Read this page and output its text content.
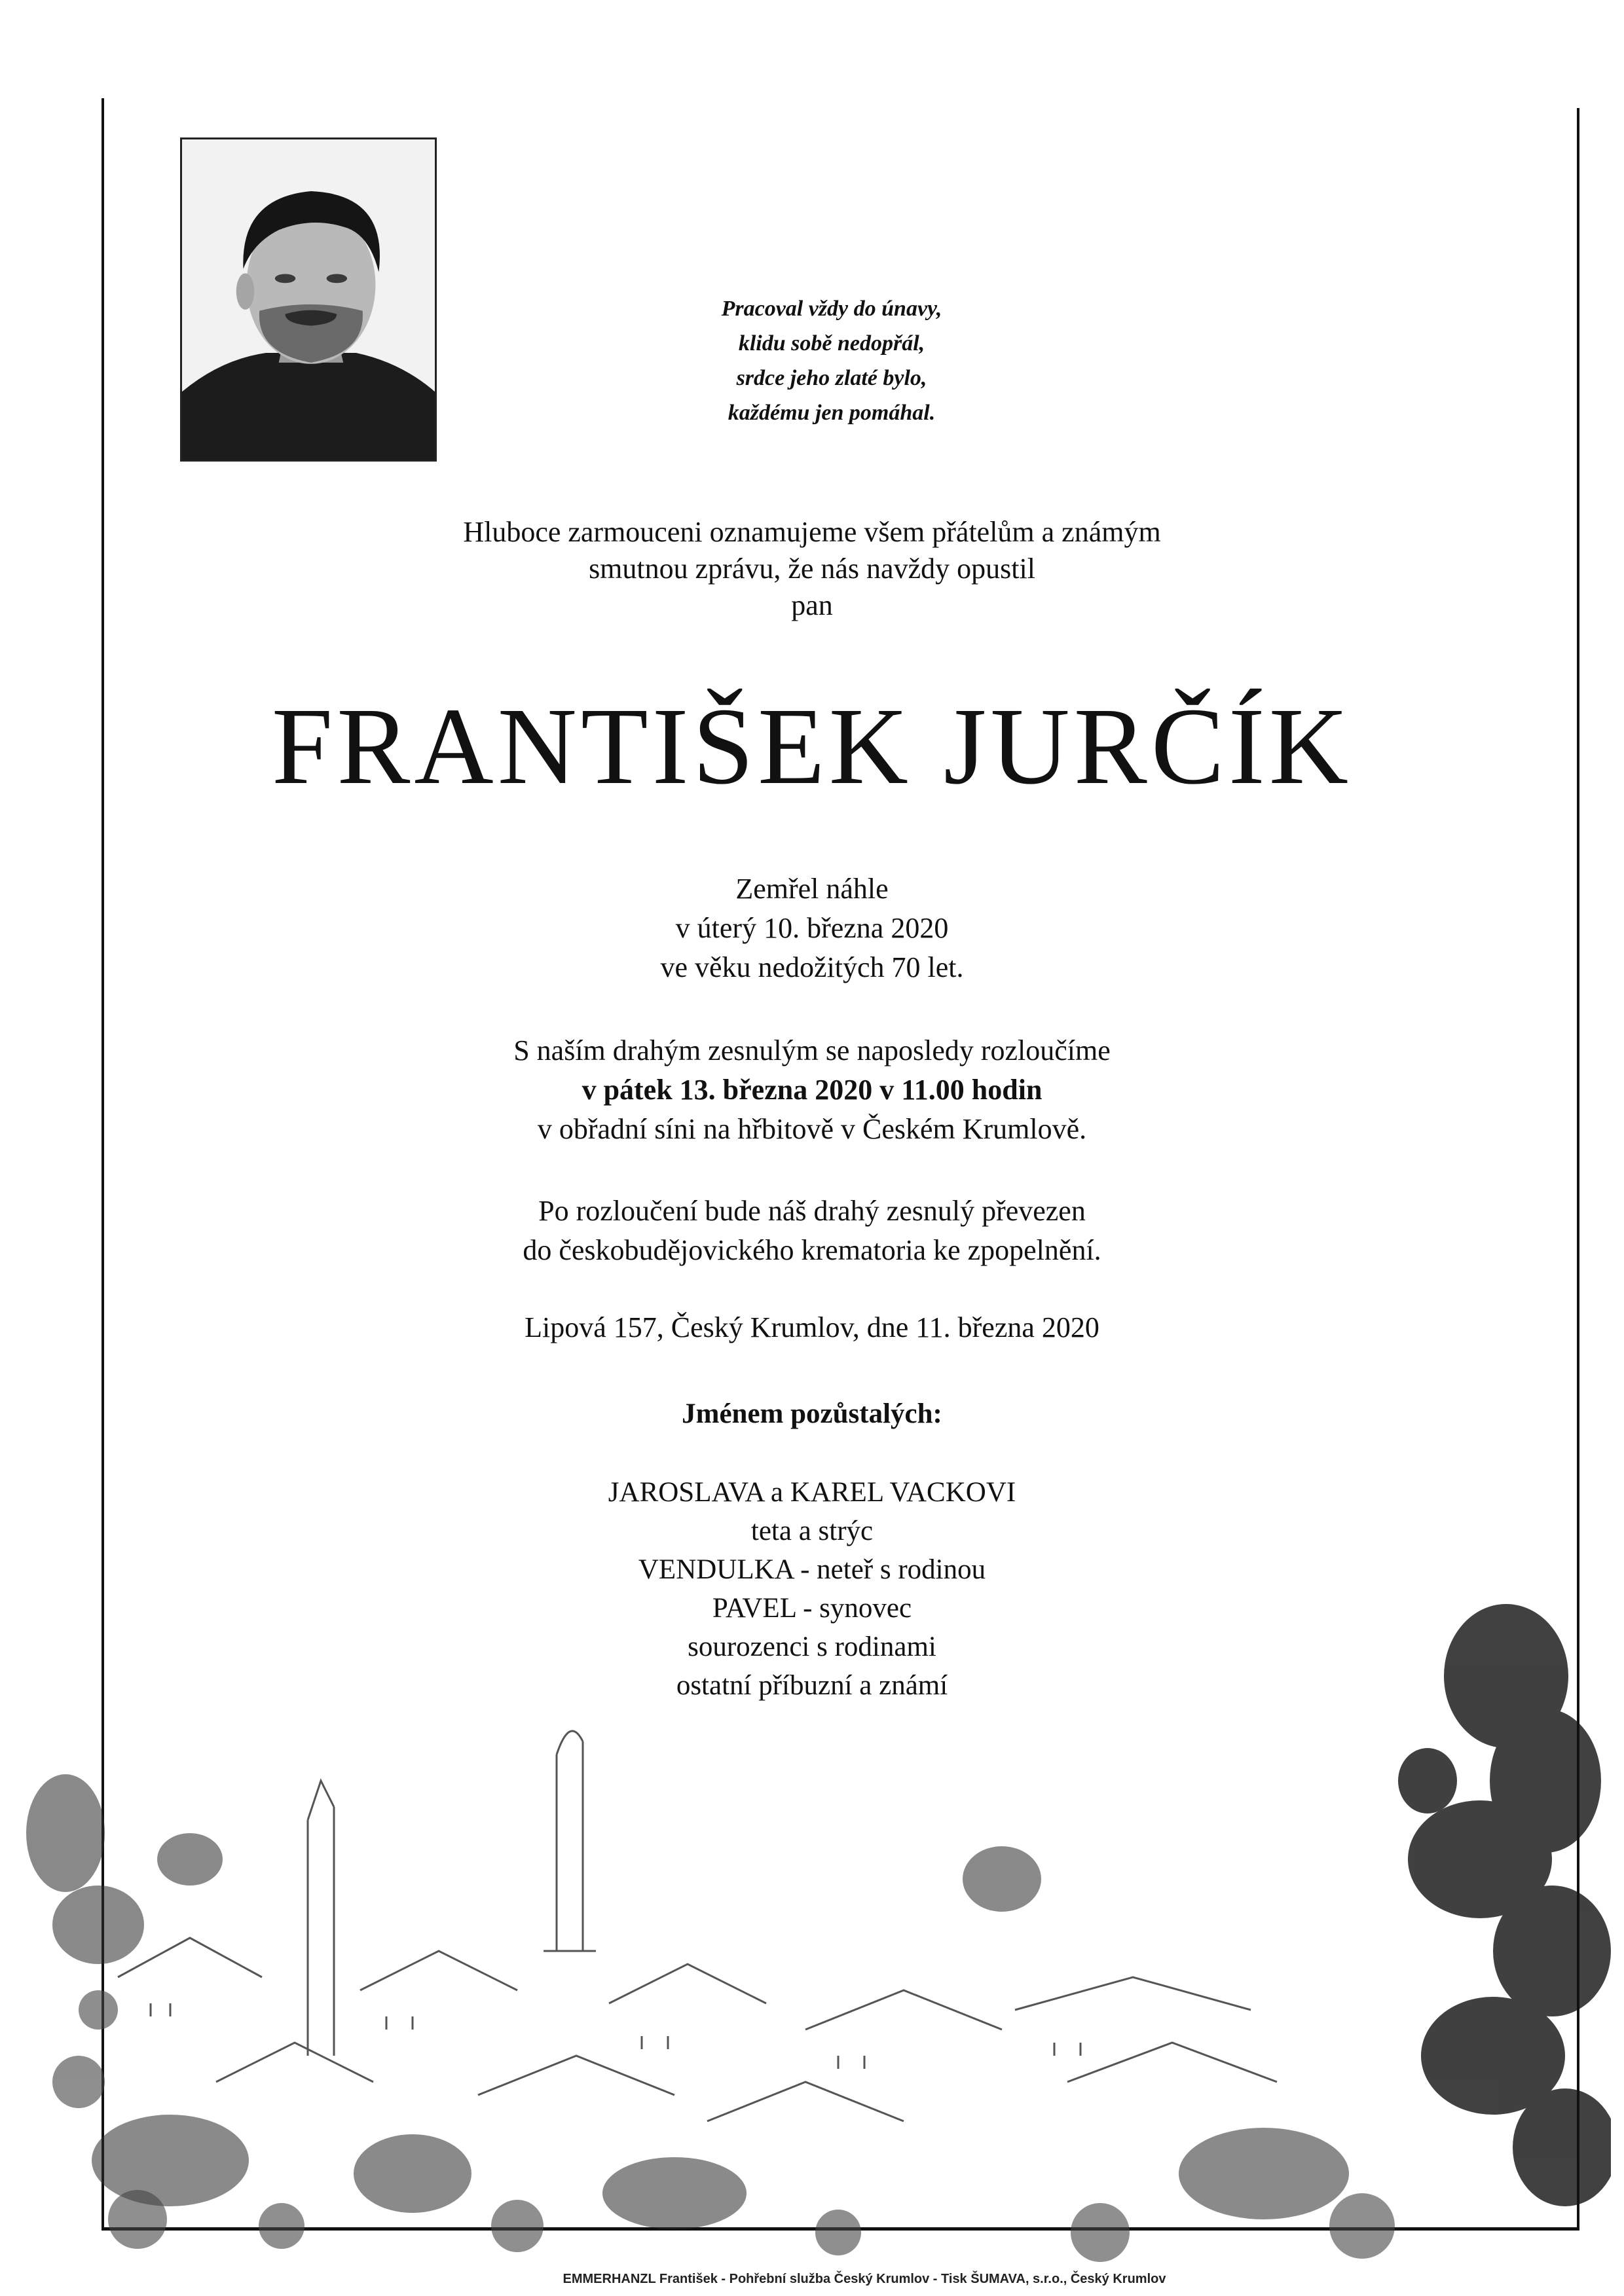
Pracoval vždy do únavy,
klidu sobě nedopřál,
srdce jeho zlaté bylo,
každému jen pomáhal.
Hluboce zarmouceni oznamujeme všem přátelům a známým
smutnou zprávu, že nás navždy opustil
pan
FRANTIŠEK JURČÍK
Zemřel náhle
v úterý 10. března 2020
ve věku nedožitých 70 let.
S naším drahým zesnulým se naposledy rozloučíme
v pátek 13. března 2020 v 11.00 hodin
v obřadní síni na hřbitově v Českém Krumlově.
Po rozloučení bude náš drahý zesnulý převezen
do českobudějovického krematoria ke zpopelnění.
Lipová 157, Český Krumlov, dne 11. března 2020
Jménem pozůstalých:
JAROSLAVA a KAREL VACKOVI
teta a strýc
VENDULKA - neteř s rodinou
PAVEL - synovec
sourozenci s rodinami
ostatní příbuzní a známí
EMMERHANZL František - Pohřební služba Český Krumlov - Tisk ŠUMAVA, s.r.o., Český Krumlov
